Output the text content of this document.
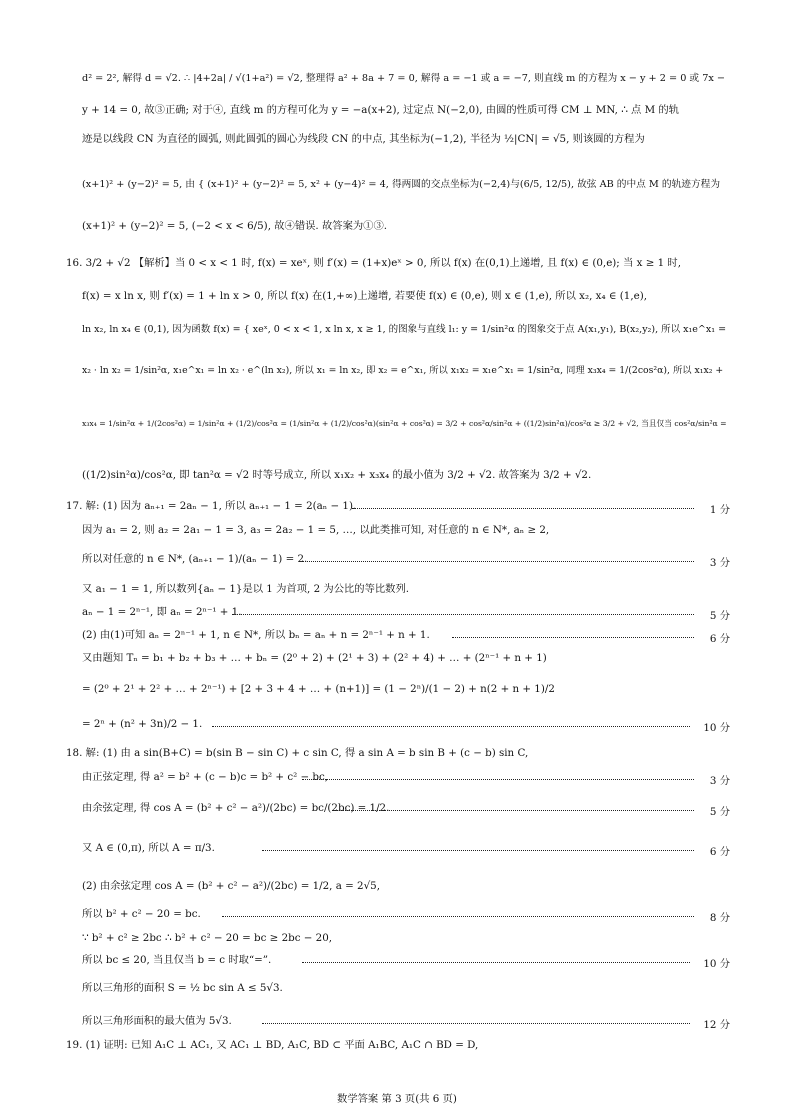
d² = 2², 解得 d = √2. ∴ |4+2a| / √(1+a²) = √2, 整理得 a² + 8a + 7 = 0, 解得 a = −1 或 a = −7, 则直线 m 的方程为 x − y + 2 = 0 或 7x −
y + 14 = 0, 故③正确; 对于④, 直线 m 的方程可化为 y = −a(x+2), 过定点 N(−2,0), 由圆的性质可得 CM ⊥ MN, ∴ 点 M 的轨
迹是以线段 CN 为直径的圆弧, 则此圆弧的圆心为线段 CN 的中点, 其坐标为(−1,2), 半径为 ½|CN| = √5, 则该圆的方程为
(x+1)² + (y−2)² = 5, 由 { (x+1)² + (y−2)² = 5, x² + (y−4)² = 4, 得两圆的交点坐标为(−2,4)与(6/5, 12/5), 故弦 AB 的中点 M 的轨迹方程为
(x+1)² + (y−2)² = 5, (−2 < x < 6/5), 故④错误. 故答案为①③.
16. 3/2 + √2 【解析】当 0 < x < 1 时, f(x) = xeˣ, 则 f′(x) = (1+x)eˣ > 0, 所以 f(x) 在(0,1)上递增, 且 f(x) ∈ (0,e); 当 x ≥ 1 时,
f(x) = x ln x, 则 f′(x) = 1 + ln x > 0, 所以 f(x) 在(1,+∞)上递增, 若要使 f(x) ∈ (0,e), 则 x ∈ (1,e), 所以 x₂, x₄ ∈ (1,e),
ln x₂, ln x₄ ∈ (0,1), 因为函数 f(x) = { xeˣ, 0 < x < 1, x ln x, x ≥ 1, 的图象与直线 l₁: y = 1/sin²α 的图象交于点 A(x₁,y₁), B(x₂,y₂), 所以 x₁e^x₁ =
x₂ · ln x₂ = 1/sin²α, x₁e^x₁ = ln x₂ · e^(ln x₂), 所以 x₁ = ln x₂, 即 x₂ = e^x₁, 所以 x₁x₂ = x₁e^x₁ = 1/sin²α, 同理 x₃x₄ = 1/(2cos²α), 所以 x₁x₂ +
x₃x₄ = 1/sin²α + 1/(2cos²α) = 1/sin²α + (1/2)/cos²α = (1/sin²α + (1/2)/cos²α)(sin²α + cos²α) = 3/2 + cos²α/sin²α + ((1/2)sin²α)/cos²α ≥ 3/2 + √2, 当且仅当 cos²α/sin²α =
((1/2)sin²α)/cos²α, 即 tan²α = √2 时等号成立, 所以 x₁x₂ + x₃x₄ 的最小值为 3/2 + √2. 故答案为 3/2 + √2.
17. 解: (1) 因为 aₙ₊₁ = 2aₙ − 1, 所以 aₙ₊₁ − 1 = 2(aₙ − 1).	1 分
因为 a₁ = 2, 则 a₂ = 2a₁ − 1 = 3, a₃ = 2a₂ − 1 = 5, …, 以此类推可知, 对任意的 n ∈ N*, aₙ ≥ 2,
所以对任意的 n ∈ N*, (aₙ₊₁ − 1)/(aₙ − 1) = 2.	3 分
又 a₁ − 1 = 1, 所以数列{aₙ − 1}是以 1 为首项, 2 为公比的等比数列.
aₙ − 1 = 2ⁿ⁻¹, 即 aₙ = 2ⁿ⁻¹ + 1.	5 分
(2) 由(1)可知 aₙ = 2ⁿ⁻¹ + 1, n ∈ N*, 所以 bₙ = aₙ + n = 2ⁿ⁻¹ + n + 1.	6 分
又由题知 Tₙ = b₁ + b₂ + b₃ + … + bₙ = (2⁰ + 2) + (2¹ + 3) + (2² + 4) + … + (2ⁿ⁻¹ + n + 1)
= (2⁰ + 2¹ + 2² + … + 2ⁿ⁻¹) + [2 + 3 + 4 + … + (n+1)] = (1 − 2ⁿ)/(1 − 2) + n(2 + n + 1)/2
= 2ⁿ + (n² + 3n)/2 − 1.	10 分
18. 解: (1) 由 a sin(B+C) = b(sin B − sin C) + c sin C, 得 a sin A = b sin B + (c − b) sin C,
由正弦定理, 得 a² = b² + (c − b)c = b² + c² − bc,	3 分
由余弦定理, 得 cos A = (b² + c² − a²)/(2bc) = bc/(2bc) = 1/2.	5 分
又 A ∈ (0,π), 所以 A = π/3.	6 分
(2) 由余弦定理 cos A = (b² + c² − a²)/(2bc) = 1/2, a = 2√5,
所以 b² + c² − 20 = bc.	8 分
∵ b² + c² ≥ 2bc ∴ b² + c² − 20 = bc ≥ 2bc − 20,
所以 bc ≤ 20, 当且仅当 b = c 时取“=”.	10 分
所以三角形的面积 S = ½ bc sin A ≤ 5√3.
所以三角形面积的最大值为 5√3.	12 分
19. (1) 证明: 已知 A₁C ⊥ AC₁, 又 AC₁ ⊥ BD, A₁C, BD ⊂ 平面 A₁BC, A₁C ∩ BD = D,
数学答案 第 3 页(共 6 页)
